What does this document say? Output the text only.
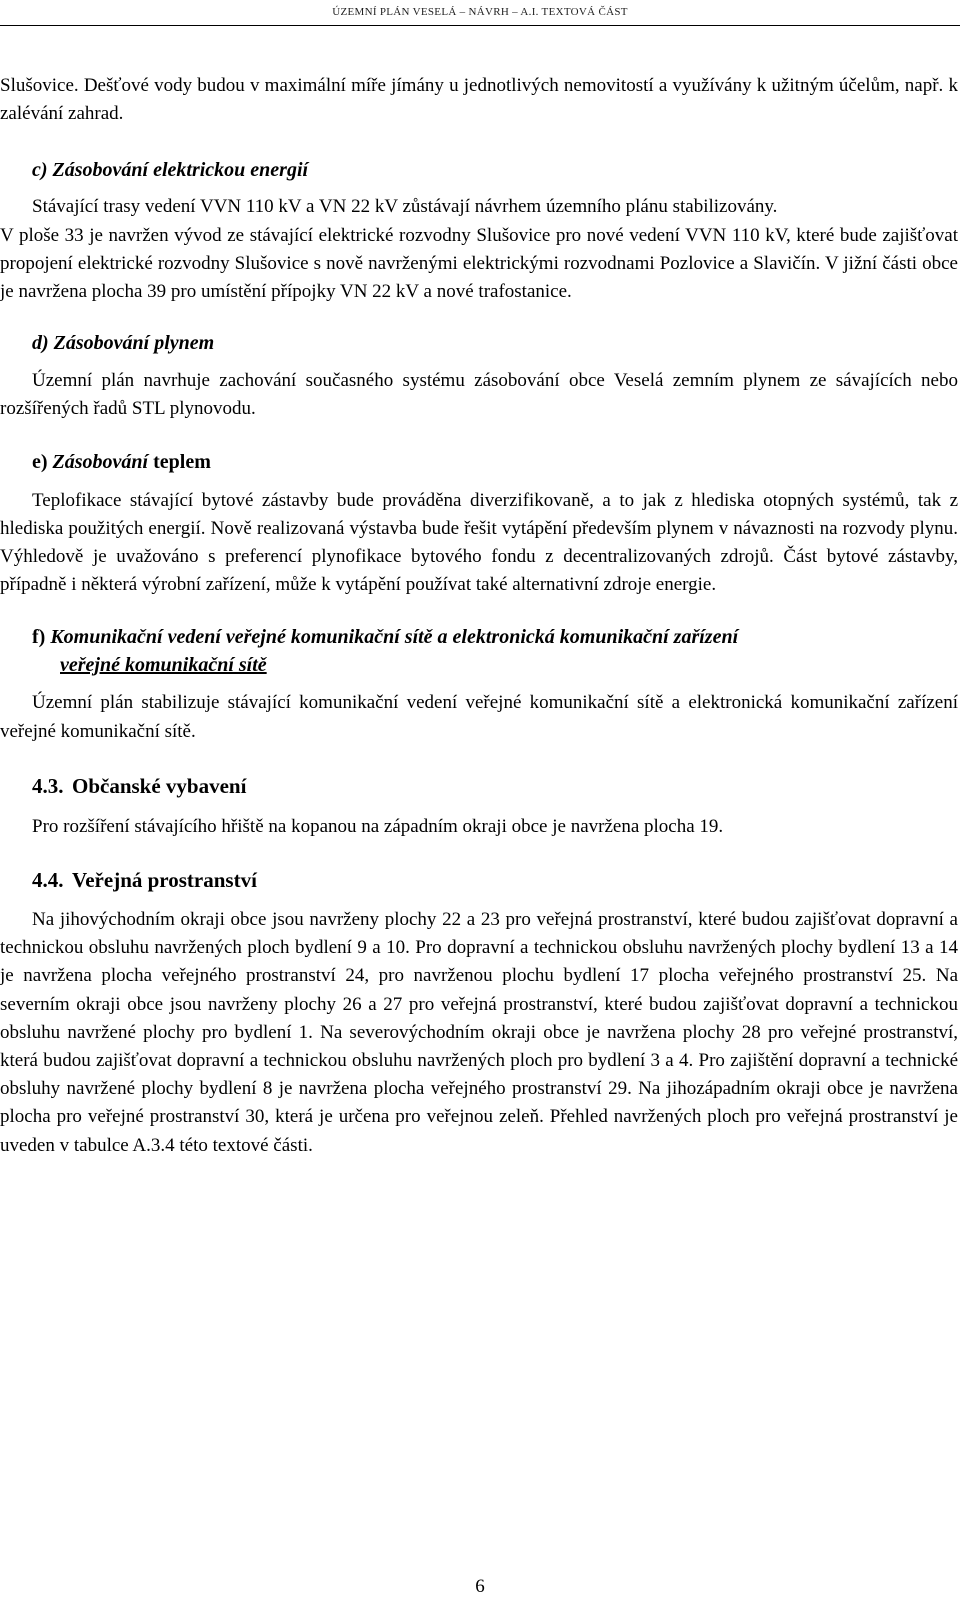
ÚZEMNÍ PLÁN VESELÁ – NÁVRH – A.I. TEXTOVÁ ČÁST

Slušovice. Dešťové vody budou v maximální míře jímány u jednotlivých nemovitostí a využívány k užitným účelům, např. k zalévání zahrad.

c) Zásobování elektrickou energií

Stávající trasy vedení VVN 110 kV a VN 22 kV zůstávají návrhem územního plánu stabilizovány.

V ploše 33 je navržen vývod ze stávající elektrické rozvodny Slušovice pro nové vedení VVN 110 kV, které bude zajišťovat propojení elektrické rozvodny Slušovice s nově navrženými elektrickými rozvodnami Pozlovice a Slavičín. V jižní části obce je navržena plocha 39 pro umístění přípojky VN 22 kV a nové trafostanice.

d) Zásobování plynem

Územní plán navrhuje zachování současného systému zásobování obce Veselá zemním plynem ze sávajících nebo rozšířených řadů STL plynovodu.

e) Zásobování teplem

Teplofikace stávající bytové zástavby bude prováděna diverzifikovaně, a to jak z hlediska otopných systémů, tak z hlediska použitých energií. Nově realizovaná výstavba bude řešit vytápění především plynem v návaznosti na rozvody plynu. Výhledově je uvažováno s preferencí plynofikace bytového fondu z decentralizovaných zdrojů. Část bytové zástavby, případně i některá výrobní zařízení, může k vytápění používat také alternativní zdroje energie.

f) Komunikační vedení veřejné komunikační sítě a elektronická komunikační zařízení
veřejné komunikační sítě

Územní plán stabilizuje stávající komunikační vedení veřejné komunikační sítě a elektronická komunikační zařízení veřejné komunikační sítě.

4.3. Občanské vybavení

Pro rozšíření stávajícího hřiště na kopanou na západním okraji obce je navržena plocha 19.

4.4. Veřejná prostranství

Na jihovýchodním okraji obce jsou navrženy plochy 22 a 23 pro veřejná prostranství, které budou zajišťovat dopravní a technickou obsluhu navržených ploch bydlení 9 a 10. Pro dopravní a technickou obsluhu navržených plochy bydlení 13 a 14 je navržena plocha veřejného prostranství 24, pro navrženou plochu bydlení 17 plocha veřejného prostranství 25. Na severním okraji obce jsou navrženy plochy 26 a 27 pro veřejná prostranství, které budou zajišťovat dopravní a technickou obsluhu navržené plochy pro bydlení 1. Na severovýchodním okraji obce je navržena plochy 28 pro veřejné prostranství, která budou zajišťovat dopravní a technickou obsluhu navržených ploch pro bydlení 3 a 4. Pro zajištění dopravní a technické obsluhy navržené plochy bydlení 8 je navržena plocha veřejného prostranství 29. Na jihozápadním okraji obce je navržena plocha pro veřejné prostranství 30, která je určena pro veřejnou zeleň. Přehled navržených ploch pro veřejná prostranství je uveden v tabulce A.3.4 této textové části.

6
